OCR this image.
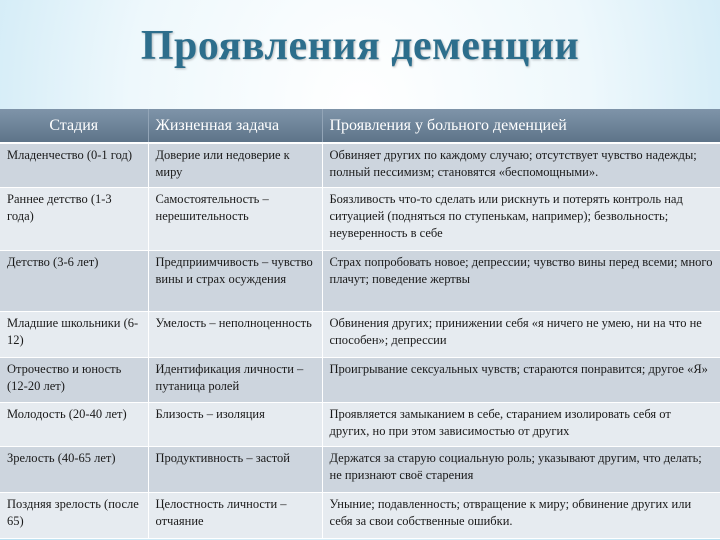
Проявления деменции
Стадия	Жизненная задача	Проявления у больного деменцией
Младенчество (0-1 год)	Доверие или недоверие к миру	Обвиняет других по каждому случаю; отсутствует чувство надежды; полный пессимизм; становятся «беспомощными».
Раннее детство (1-3 года)	Самостоятельность – нерешительность	Боязливость что-то сделать или рискнуть и потерять контроль над ситуацией (подняться по ступенькам, например); безвольность; неуверенность в себе
Детство (3-6 лет)	Предприимчивость – чувство вины и страх осуждения	Страх попробовать новое; депрессии; чувство вины перед всеми; много плачут; поведение жертвы
Младшие школьники (6-12)	Умелость – неполноценность	Обвинения других; принижении себя «я ничего не умею, ни на что не способен»; депрессии
Отрочество и юность (12-20 лет)	Идентификация личности – путаница ролей	Проигрывание сексуальных чувств; стараются понравится; другое «Я»
Молодость (20-40 лет)	Близость – изоляция	Проявляется замыканием в себе, старанием изолировать себя от других, но при этом зависимостью от других
Зрелость (40-65 лет)	Продуктивность – застой	Держатся за старую социальную роль; указывают другим, что делать; не признают своё старения
Поздняя зрелость (после 65)	Целостность личности – отчаяние	Уныние; подавленность; отвращение к миру; обвинение других или себя за свои собственные ошибки.
